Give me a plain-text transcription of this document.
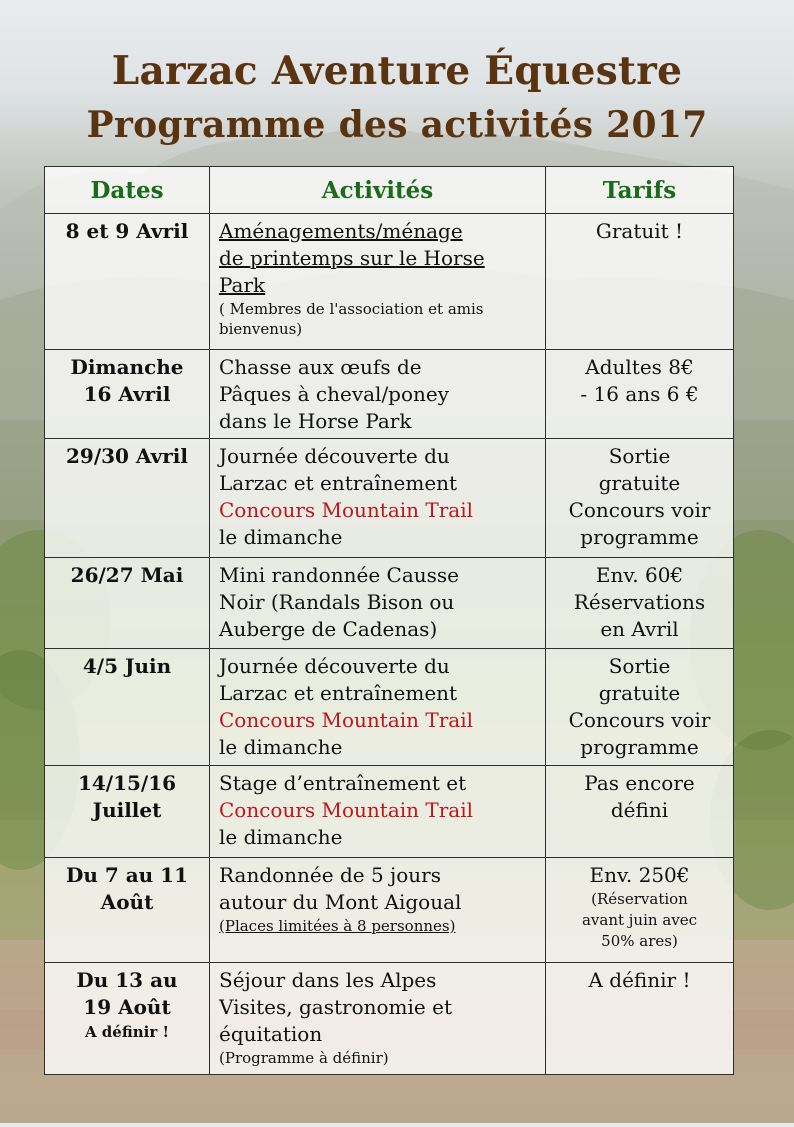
Larzac Aventure Équestre
Programme des activités 2017
Dates	Activités	Tarifs

8 et 9 Avril	Aménagements/ménage
de printemps sur le Horse
Park
( Membres de l'association et amis
bienvenus)	Gratuit !

Dimanche
16 Avril	Chasse aux œufs de
Pâques à cheval/poney
dans le Horse Park	Adultes 8€
- 16 ans 6 €

29/30 Avril	Journée découverte du
Larzac et entraînement
Concours Mountain Trail
le dimanche	Sortie
gratuite
Concours voir
programme

26/27 Mai	Mini randonnée Causse
Noir (Randals Bison ou
Auberge de Cadenas)	Env. 60€
Réservations
en Avril

4/5 Juin	Journée découverte du
Larzac et entraînement
Concours Mountain Trail
le dimanche	Sortie
gratuite
Concours voir
programme

14/15/16
Juillet	Stage d’entraînement et
Concours Mountain Trail
le dimanche	Pas encore
défini

Du 7 au 11
Août	Randonnée de 5 jours
autour du Mont Aigoual
(Places limitées à 8 personnes)	Env. 250€
(Réservation
avant juin avec
50% ares)

Du 13 au
19 Août
A définir !	Séjour dans les Alpes
Visites, gastronomie et
équitation
(Programme à définir)	A définir !
